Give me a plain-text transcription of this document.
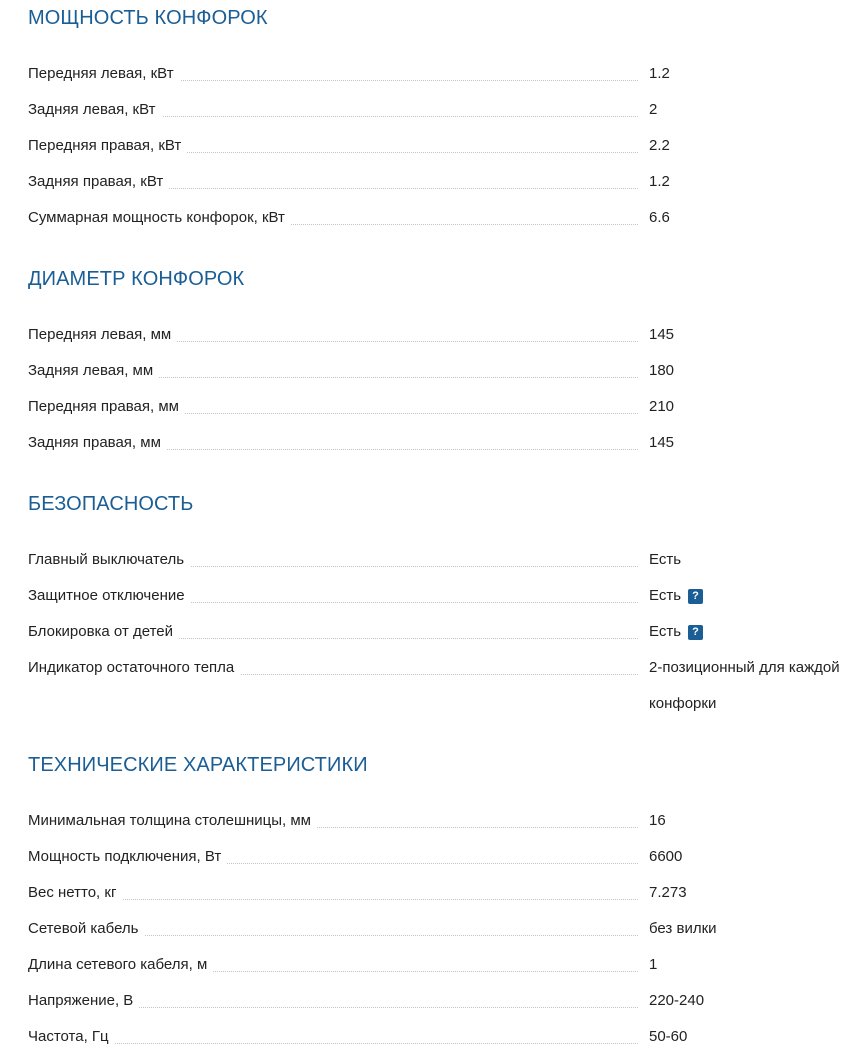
МОЩНОСТЬ КОНФОРОК
Передняя левая, кВт	1.2
Задняя левая, кВт	2
Передняя правая, кВт	2.2
Задняя правая, кВт	1.2
Суммарная мощность конфорок, кВт	6.6
ДИАМЕТР КОНФОРОК
Передняя левая, мм	145
Задняя левая, мм	180
Передняя правая, мм	210
Задняя правая, мм	145
БЕЗОПАСНОСТЬ
Главный выключатель	Есть
Защитное отключение	Есть ?
Блокировка от детей	Есть ?
Индикатор остаточного тепла	2-позиционный для каждой конфорки
ТЕХНИЧЕСКИЕ ХАРАКТЕРИСТИКИ
Минимальная толщина столешницы, мм	16
Мощность подключения, Вт	6600
Вес нетто, кг	7.273
Сетевой кабель	без вилки
Длина сетевого кабеля, м	1
Напряжение, В	220-240
Частота, Гц	50-60
